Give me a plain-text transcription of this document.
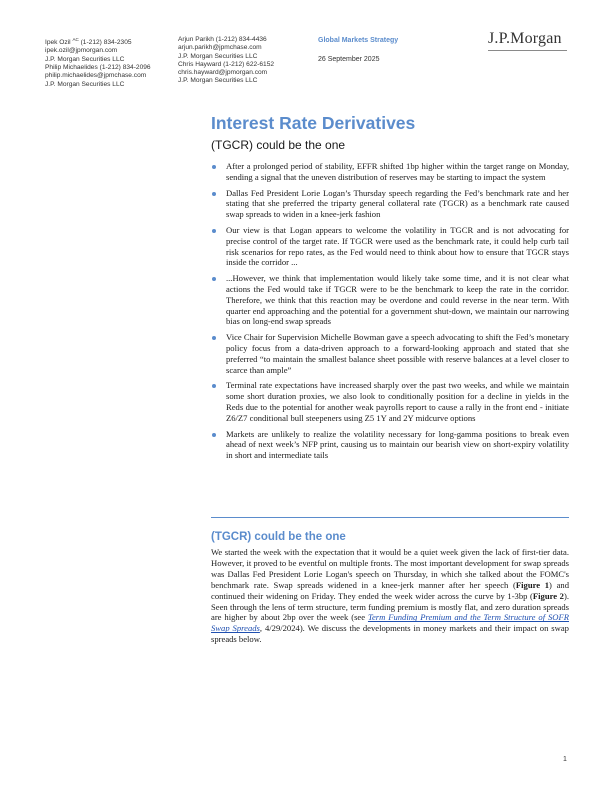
Ipek Ozil $^{AC}$ (1-212) 834-2305
ipek.ozil@jpmorgan.com
J.P. Morgan Securities LLC
Philip Michaelides (1-212) 834-2096
philip.michaelides@jpmchase.com
J.P. Morgan Securities LLC
Arjun Parikh (1-212) 834-4436
arjun.parikh@jpmchase.com
J.P. Morgan Securities LLC
Chris Hayward (1-212) 622-6152
chris.hayward@jpmorgan.com
J.P. Morgan Securities LLC
Global Markets Strategy
26 September 2025
J.P.Morgan
Interest Rate Derivatives
(TGCR) could be the one
After a prolonged period of stability, EFFR shifted 1bp higher within the target range on Monday, sending a signal that the uneven distribution of reserves may be starting to impact the system
Dallas Fed President Lorie Logan’s Thursday speech regarding the Fed’s benchmark rate and her stating that she preferred the triparty general collateral rate (TGCR) as a benchmark rate caused swap spreads to widen in a knee-jerk fashion
Our view is that Logan appears to welcome the volatility in TGCR and is not advocating for precise control of the target rate. If TGCR were used as the benchmark rate, it could help curb tail risk scenarios for repo rates, as the Fed would need to think about how to ensure that TGCR stays inside the corridor ...
...However, we think that implementation would likely take some time, and it is not clear what actions the Fed would take if TGCR were to be the benchmark to keep the rate in the corridor. Therefore, we think that this reaction may be overdone and could reverse in the near term. With quarter end approaching and the potential for a government shut-down, we maintain our narrowing bias on long-end swap spreads
Vice Chair for Supervision Michelle Bowman gave a speech advocating to shift the Fed’s monetary policy focus from a data-driven approach to a forward-looking approach and stated that she preferred “to maintain the smallest balance sheet possible with reserve balances at a level closer to scarce than ample”
Terminal rate expectations have increased sharply over the past two weeks, and while we maintain some short duration proxies, we also look to conditionally position for a decline in yields in the Reds due to the potential for another weak payrolls report to cause a rally in the front end - initiate Z6/Z7 conditional bull steepeners using Z5 1Y and 2Y midcurve options
Markets are unlikely to realize the volatility necessary for long-gamma positions to break even ahead of next week’s NFP print, causing us to maintain our bearish view on short-expiry volatility in short and intermediate tails
(TGCR) could be the one

We started the week with the expectation that it would be a quiet week given the lack of first-tier data. However, it proved to be eventful on multiple fronts. The most important development for swap spreads was Dallas Fed President Lorie Logan's speech on Thursday, in which she talked about the FOMC's benchmark rate. Swap spreads widened in a knee-jerk manner after her speech (Figure 1) and continued their widening on Friday. They ended the week wider across the curve by 1-3bp (Figure 2). Seen through the lens of term structure, term funding premium is mostly flat, and zero duration spreads are higher by about 2bp over the week (see Term Funding Premium and the Term Structure of SOFR Swap Spreads, 4/29/2024). We discuss the developments in money markets and their impact on swap spreads below.

1
